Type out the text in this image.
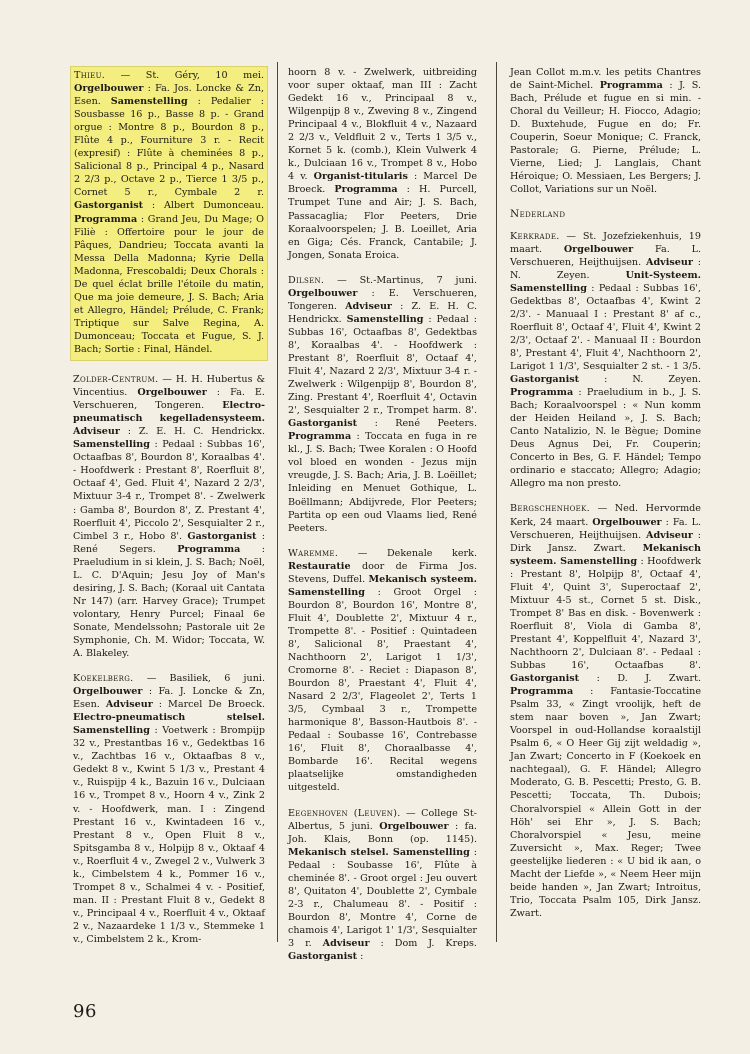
Thieu. — St. Géry, 10 mei. Orgelbouwer : Fa. Jos. Loncke & Zn, Esen. Samenstelling : Pedalier : Sousbasse 16 p., Basse 8 p. - Grand orgue : Montre 8 p., Bourdon 8 p., Flûte 4 p., Fourniture 3 r. - Recit (expresif) : Flûte à cheminées 8 p., Salicional 8 p., Principal 4 p., Nasard 2 2/3 p., Octave 2 p., Tierce 1 3/5 p., Cornet 5 r., Cymbale 2 r. Gastorganist : Albert Dumonceau. Programma : Grand Jeu, Du Mage; O Filiè : Offertoire pour le jour de Pâques, Dandrieu; Toccata avanti la Messa Della Madonna; Kyrie Della Madonna, Frescobaldi; Deux Chorals : De quel éclat brille l'étoile du matin, Que ma joie demeure, J. S. Bach; Aria et Allegro, Händel; Prélude, C. Frank; Triptique sur Salve Regina, A. Dumonceau; Toccata et Fugue, S. J. Bach; Sortie : Final, Händel.

Zolder-Centrum. — H. H. Hubertus & Vincentius. Orgelbouwer : Fa. E. Verschueren, Tongeren. Electro-pneumatisch kegelladensysteem. Adviseur : Z. E. H. C. Hendrickx. Samenstelling : Pedaal : Subbas 16', Octaafbas 8', Bourdon 8', Koraalbas 4'. - Hoofdwerk : Prestant 8', Roerfluit 8', Octaaf 4', Ged. Fluit 4', Nazard 2 2/3', Mixtuur 3-4 r., Trompet 8'. - Zwelwerk : Gamba 8', Bourdon 8', Z. Prestant 4', Roerfluit 4', Piccolo 2', Sesquialter 2 r., Cimbel 3 r., Hobo 8'. Gastorganist : René Segers. Programma : Praeludium in si klein, J. S. Bach; Noël, L. C. D'Aquin; Jesu Joy of Man's desiring, J. S. Bach; (Koraal uit Cantata Nr 147) (arr. Harvey Grace); Trumpet volontary, Henry Purcel; Finaal 6e Sonate, Mendelssohn; Pastorale uit 2e Symphonie, Ch. M. Widor; Toccata, W. A. Blakeley.

Koekelberg. — Basiliek, 6 juni. Orgelbouwer : Fa. J. Loncke & Zn, Esen. Adviseur : Marcel De Broeck. Electro-pneumatisch stelsel. Samenstelling : Voetwerk : Brompijp 32 v., Prestantbas 16 v., Gedektbas 16 v., Zachtbas 16 v., Oktaafbas 8 v., Gedekt 8 v., Kwint 5 1/3 v., Prestant 4 v., Ruispijp 4 k., Bazuin 16 v., Dulciaan 16 v., Trompet 8 v., Hoorn 4 v., Zink 2 v. - Hoofdwerk, man. I : Zingend Prestant 16 v., Kwintadeen 16 v., Prestant 8 v., Open Fluit 8 v., Spitsgamba 8 v., Holpijp 8 v., Oktaaf 4 v., Roerfluit 4 v., Zwegel 2 v., Vulwerk 3 k., Cimbelstem 4 k., Pommer 16 v., Trompet 8 v., Schalmei 4 v. - Positief, man. II : Prestant Fluit 8 v., Gedekt 8 v., Principaal 4 v., Roerfluit 4 v., Oktaaf 2 v., Nazaardeke 1 1/3 v., Stemmeke 1 v., Cimbelstem 2 k., Krom-

hoorn 8 v. - Zwelwerk, uitbreiding voor super oktaaf, man III : Zacht Gedekt 16 v., Principaal 8 v., Wilgenpijp 8 v., Zweving 8 v., Zingend Principaal 4 v., Blokfluit 4 v., Nazaard 2 2/3 v., Veldfluit 2 v., Terts 1 3/5 v., Kornet 5 k. (comb.), Klein Vulwerk 4 k., Dulciaan 16 v., Trompet 8 v., Hobo 4 v. Organist-titularis : Marcel De Broeck. Programma : H. Purcell, Trumpet Tune and Air; J. S. Bach, Passacaglia; Flor Peeters, Drie Koraalvoorspelen; J. B. Loeillet, Aria en Giga; Cés. Franck, Cantabile; J. Jongen, Sonata Eroica.

Dilsen. — St.-Martinus, 7 juni. Orgelbouwer : E. Verschueren, Tongeren. Adviseur : Z. E. H. C. Hendrickx. Samenstelling : Pedaal : Subbas 16', Octaafbas 8', Gedektbas 8', Koraalbas 4'. - Hoofdwerk : Prestant 8', Roerfluit 8', Octaaf 4', Fluit 4', Nazard 2 2/3', Mixtuur 3-4 r. - Zwelwerk : Wilgenpijp 8', Bourdon 8', Zing. Prestant 4', Roerfluit 4', Octavin 2', Sesquialter 2 r., Trompet harm. 8'. Gastorganist : René Peeters. Programma : Toccata en fuga in re kl., J. S. Bach; Twee Koralen : O Hoofd vol bloed en wonden - Jezus mijn vreugde, J. S. Bach; Aria, J. B. Loëillet; Inleiding en Menuet Gothique, L. Boëllmann; Abdijvrede, Flor Peeters; Partita op een oud Vlaams lied, René Peeters.

Waremme. — Dekenale kerk. Restauratie door de Firma Jos. Stevens, Duffel. Mekanisch systeem. Samenstelling : Groot Orgel : Bourdon 8', Bourdon 16', Montre 8', Fluit 4', Doublette 2', Mixtuur 4 r., Trompette 8'. - Positief : Quintadeen 8', Salicional 8', Praestant 4', Nachthoorn 2', Larigot 1 1/3', Cromorne 8'. - Reciet : Diapason 8', Bourdon 8', Praestant 4', Fluit 4', Nasard 2 2/3', Flageolet 2', Terts 1 3/5, Cymbaal 3 r., Trompette harmonique 8', Basson-Hautbois 8'. - Pedaal : Soubasse 16', Contrebasse 16', Fluit 8', Choraalbasse 4', Bombarde 16'. Recital wegens plaatselijke omstandigheden uitgesteld.

Eegenhoven (Leuven). — College St-Albertus, 5 juni. Orgelbouwer : fa. Joh. Klais, Bonn (op. 1145). Mekanisch stelsel. Samenstelling : Pedaal : Soubasse 16', Flûte à cheminée 8'. - Groot orgel : Jeu ouvert 8', Quitaton 4', Doublette 2', Cymbale 2-3 r., Chalumeau 8'. - Positif : Bourdon 8', Montre 4', Corne de chamois 4', Larigot 1' 1/3', Sesquialter 3 r. Adviseur : Dom J. Kreps. Gastorganist :

Jean Collot m.m.v. les petits Chantres de Saint-Michel. Programma : J. S. Bach, Prélude et fugue en si min. - Choral du Veilleur; H. Fiocco, Adagio; D. Buxtehude, Fugue en do; Fr. Couperin, Soeur Monique; C. Franck, Pastorale; G. Pierne, Prélude; L. Vierne, Lied; J. Langlais, Chant Héroique; O. Messiaen, Les Bergers; J. Collot, Variations sur un Noël.

Nederland

Kerkrade. — St. Jozefziekenhuis, 19 maart. Orgelbouwer Fa. L. Verschueren, Heijthuijsen. Adviseur : N. Zeyen. Unit-Systeem. Samenstelling : Pedaal : Subbas 16', Gedektbas 8', Octaafbas 4', Kwint 2 2/3'. - Manuaal I : Prestant 8' af c., Roerfluit 8', Octaaf 4', Fluit 4', Kwint 2 2/3', Octaaf 2'. - Manuaal II : Bourdon 8', Prestant 4', Fluit 4', Nachthoorn 2', Larigot 1 1/3', Sesquialter 2 st. - 1 3/5. Gastorganist : N. Zeyen. Programma : Praeludium in b., J. S. Bach; Koraalvoorspel : « Nun komm der Heiden Heiland », J. S. Bach; Canto Natalizio, N. le Bègue; Domine Deus Agnus Dei, Fr. Couperin; Concerto in Bes, G. F. Händel; Tempo ordinario e staccato; Allegro; Adagio; Allegro ma non presto.

Bergschenhoek. — Ned. Hervormde Kerk, 24 maart. Orgelbouwer : Fa. L. Verschueren, Heijthuijsen. Adviseur : Dirk Jansz. Zwart. Mekanisch systeem. Samenstelling : Hoofdwerk : Prestant 8', Holpijp 8', Octaaf 4', Fluit 4', Quint 3', Superoctaaf 2', Mixtuur 4-5 st., Cornet 5 st. Disk., Trompet 8' Bas en disk. - Bovenwerk : Roerfluit 8', Viola di Gamba 8', Prestant 4', Koppelfluit 4', Nazard 3', Nachthoorn 2', Dulciaan 8'. - Pedaal : Subbas 16', Octaafbas 8'. Gastorganist : D. J. Zwart. Programma : Fantasie-Toccatine Psalm 33, « Zingt vroolijk, heft de stem naar boven », Jan Zwart; Voorspel in oud-Hollandse koraalstijl Psalm 6, « O Heer Gij zijt weldadig », Jan Zwart; Concerto in F (Koekoek en nachtegaal), G. F. Händel; Allegro Moderato, G. B. Pescetti; Presto, G. B. Pescetti; Toccata, Th. Dubois; Choralvorspiel « Allein Gott in der Höh' sei Ehr », J. S. Bach; Choralvorspiel « Jesu, meine Zuversicht », Max. Reger; Twee geestelijke liederen : « U bid ik aan, o Macht der Liefde », « Neem Heer mijn beide handen », Jan Zwart; Introitus, Trio, Toccata Psalm 105, Dirk Jansz. Zwart.

96
